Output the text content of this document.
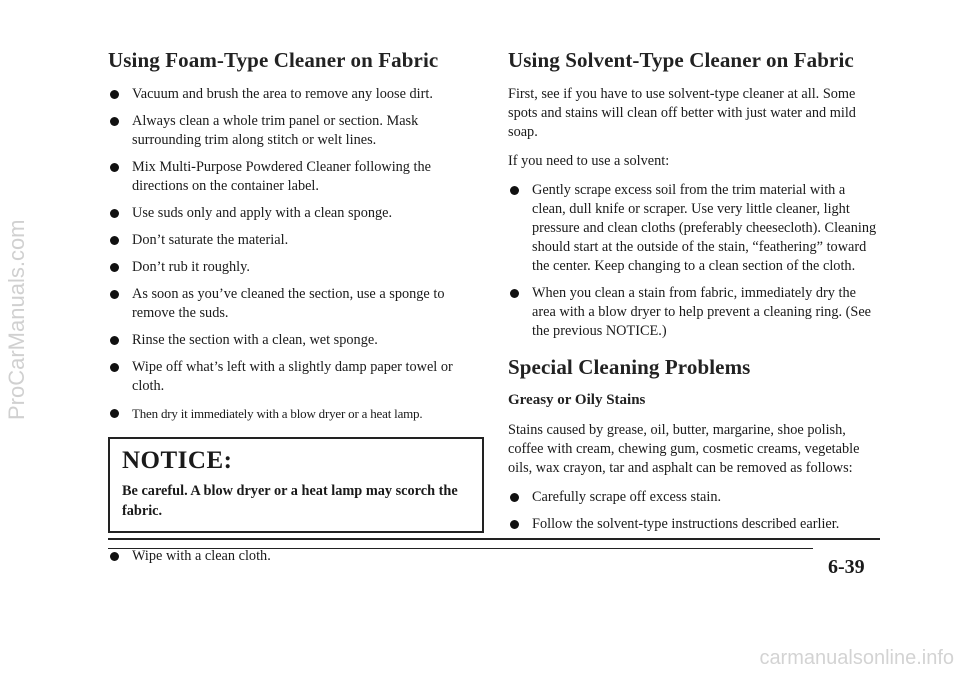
Using Foam-Type Cleaner on Fabric
Vacuum and brush the area to remove any loose dirt.
Always clean a whole trim panel or section. Mask surrounding trim along stitch or welt lines.
Mix Multi-Purpose Powdered Cleaner following the directions on the container label.
Use suds only and apply with a clean sponge.
Don’t saturate the material.
Don’t rub it roughly.
As soon as you’ve cleaned the section, use a sponge to remove the suds.
Rinse the section with a clean, wet sponge.
Wipe off what’s left with a slightly damp paper towel or cloth.
Then dry it immediately with a blow dryer or a heat lamp.
NOTICE:
Be careful. A blow dryer or a heat lamp may scorch the fabric.
Wipe with a clean cloth.
Using Solvent-Type Cleaner on Fabric

First, see if you have to use solvent-type cleaner at all. Some spots and stains will clean off better with just water and mild soap.

If you need to use a solvent:

Gently scrape excess soil from the trim material with a clean, dull knife or scraper. Use very little cleaner, light pressure and clean cloths (preferably cheesecloth). Cleaning should start at the outside of the stain, “feathering” toward the center. Keep changing to a clean section of the cloth.
When you clean a stain from fabric, immediately dry the area with a blow dryer to help prevent a cleaning ring. (See the previous NOTICE.)
Special Cleaning Problems
Greasy or Oily Stains

Stains caused by grease, oil, butter, margarine, shoe polish, coffee with cream, chewing gum, cosmetic creams, vegetable oils, wax crayon, tar and asphalt can be removed as follows:

Carefully scrape off excess stain.
Follow the solvent-type instructions described earlier.
6-39
ProCarManuals.com
carmanualsonline.info
